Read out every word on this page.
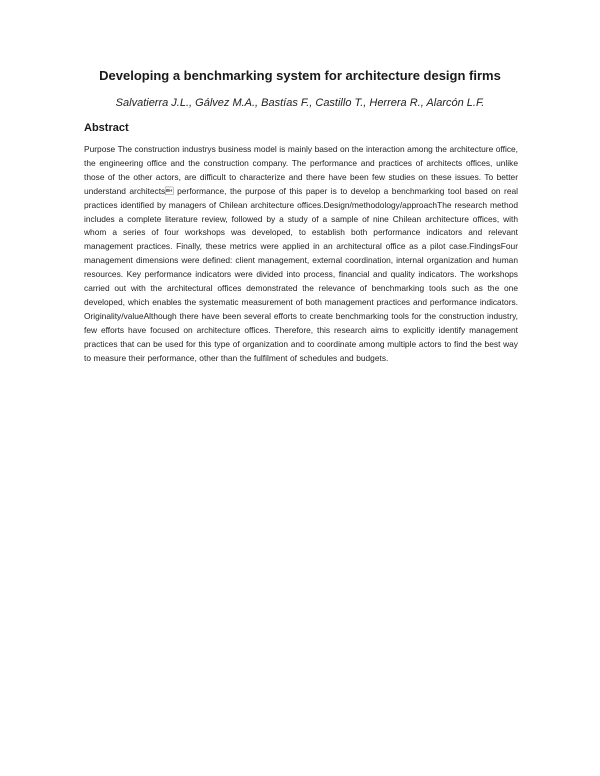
Developing a benchmarking system for architecture design firms
Salvatierra J.L., Gálvez M.A., Bastías F., Castillo T., Herrera R., Alarcón L.F.
Abstract
Purpose The construction industrys business model is mainly based on the interaction among the architecture office, the engineering office and the construction company. The performance and practices of architects offices, unlike those of the other actors, are difficult to characterize and there have been few studies on these issues. To better understand architects performance, the purpose of this paper is to develop a benchmarking tool based on real practices identified by managers of Chilean architecture offices.Design/methodology/approachThe research method includes a complete literature review, followed by a study of a sample of nine Chilean architecture offices, with whom a series of four workshops was developed, to establish both performance indicators and relevant management practices. Finally, these metrics were applied in an architectural office as a pilot case.FindingsFour management dimensions were defined: client management, external coordination, internal organization and human resources. Key performance indicators were divided into process, financial and quality indicators. The workshops carried out with the architectural offices demonstrated the relevance of benchmarking tools such as the one developed, which enables the systematic measurement of both management practices and performance indicators. Originality/valueAlthough there have been several efforts to create benchmarking tools for the construction industry, few efforts have focused on architecture offices. Therefore, this research aims to explicitly identify management practices that can be used for this type of organization and to coordinate among multiple actors to find the best way to measure their performance, other than the fulfilment of schedules and budgets.
